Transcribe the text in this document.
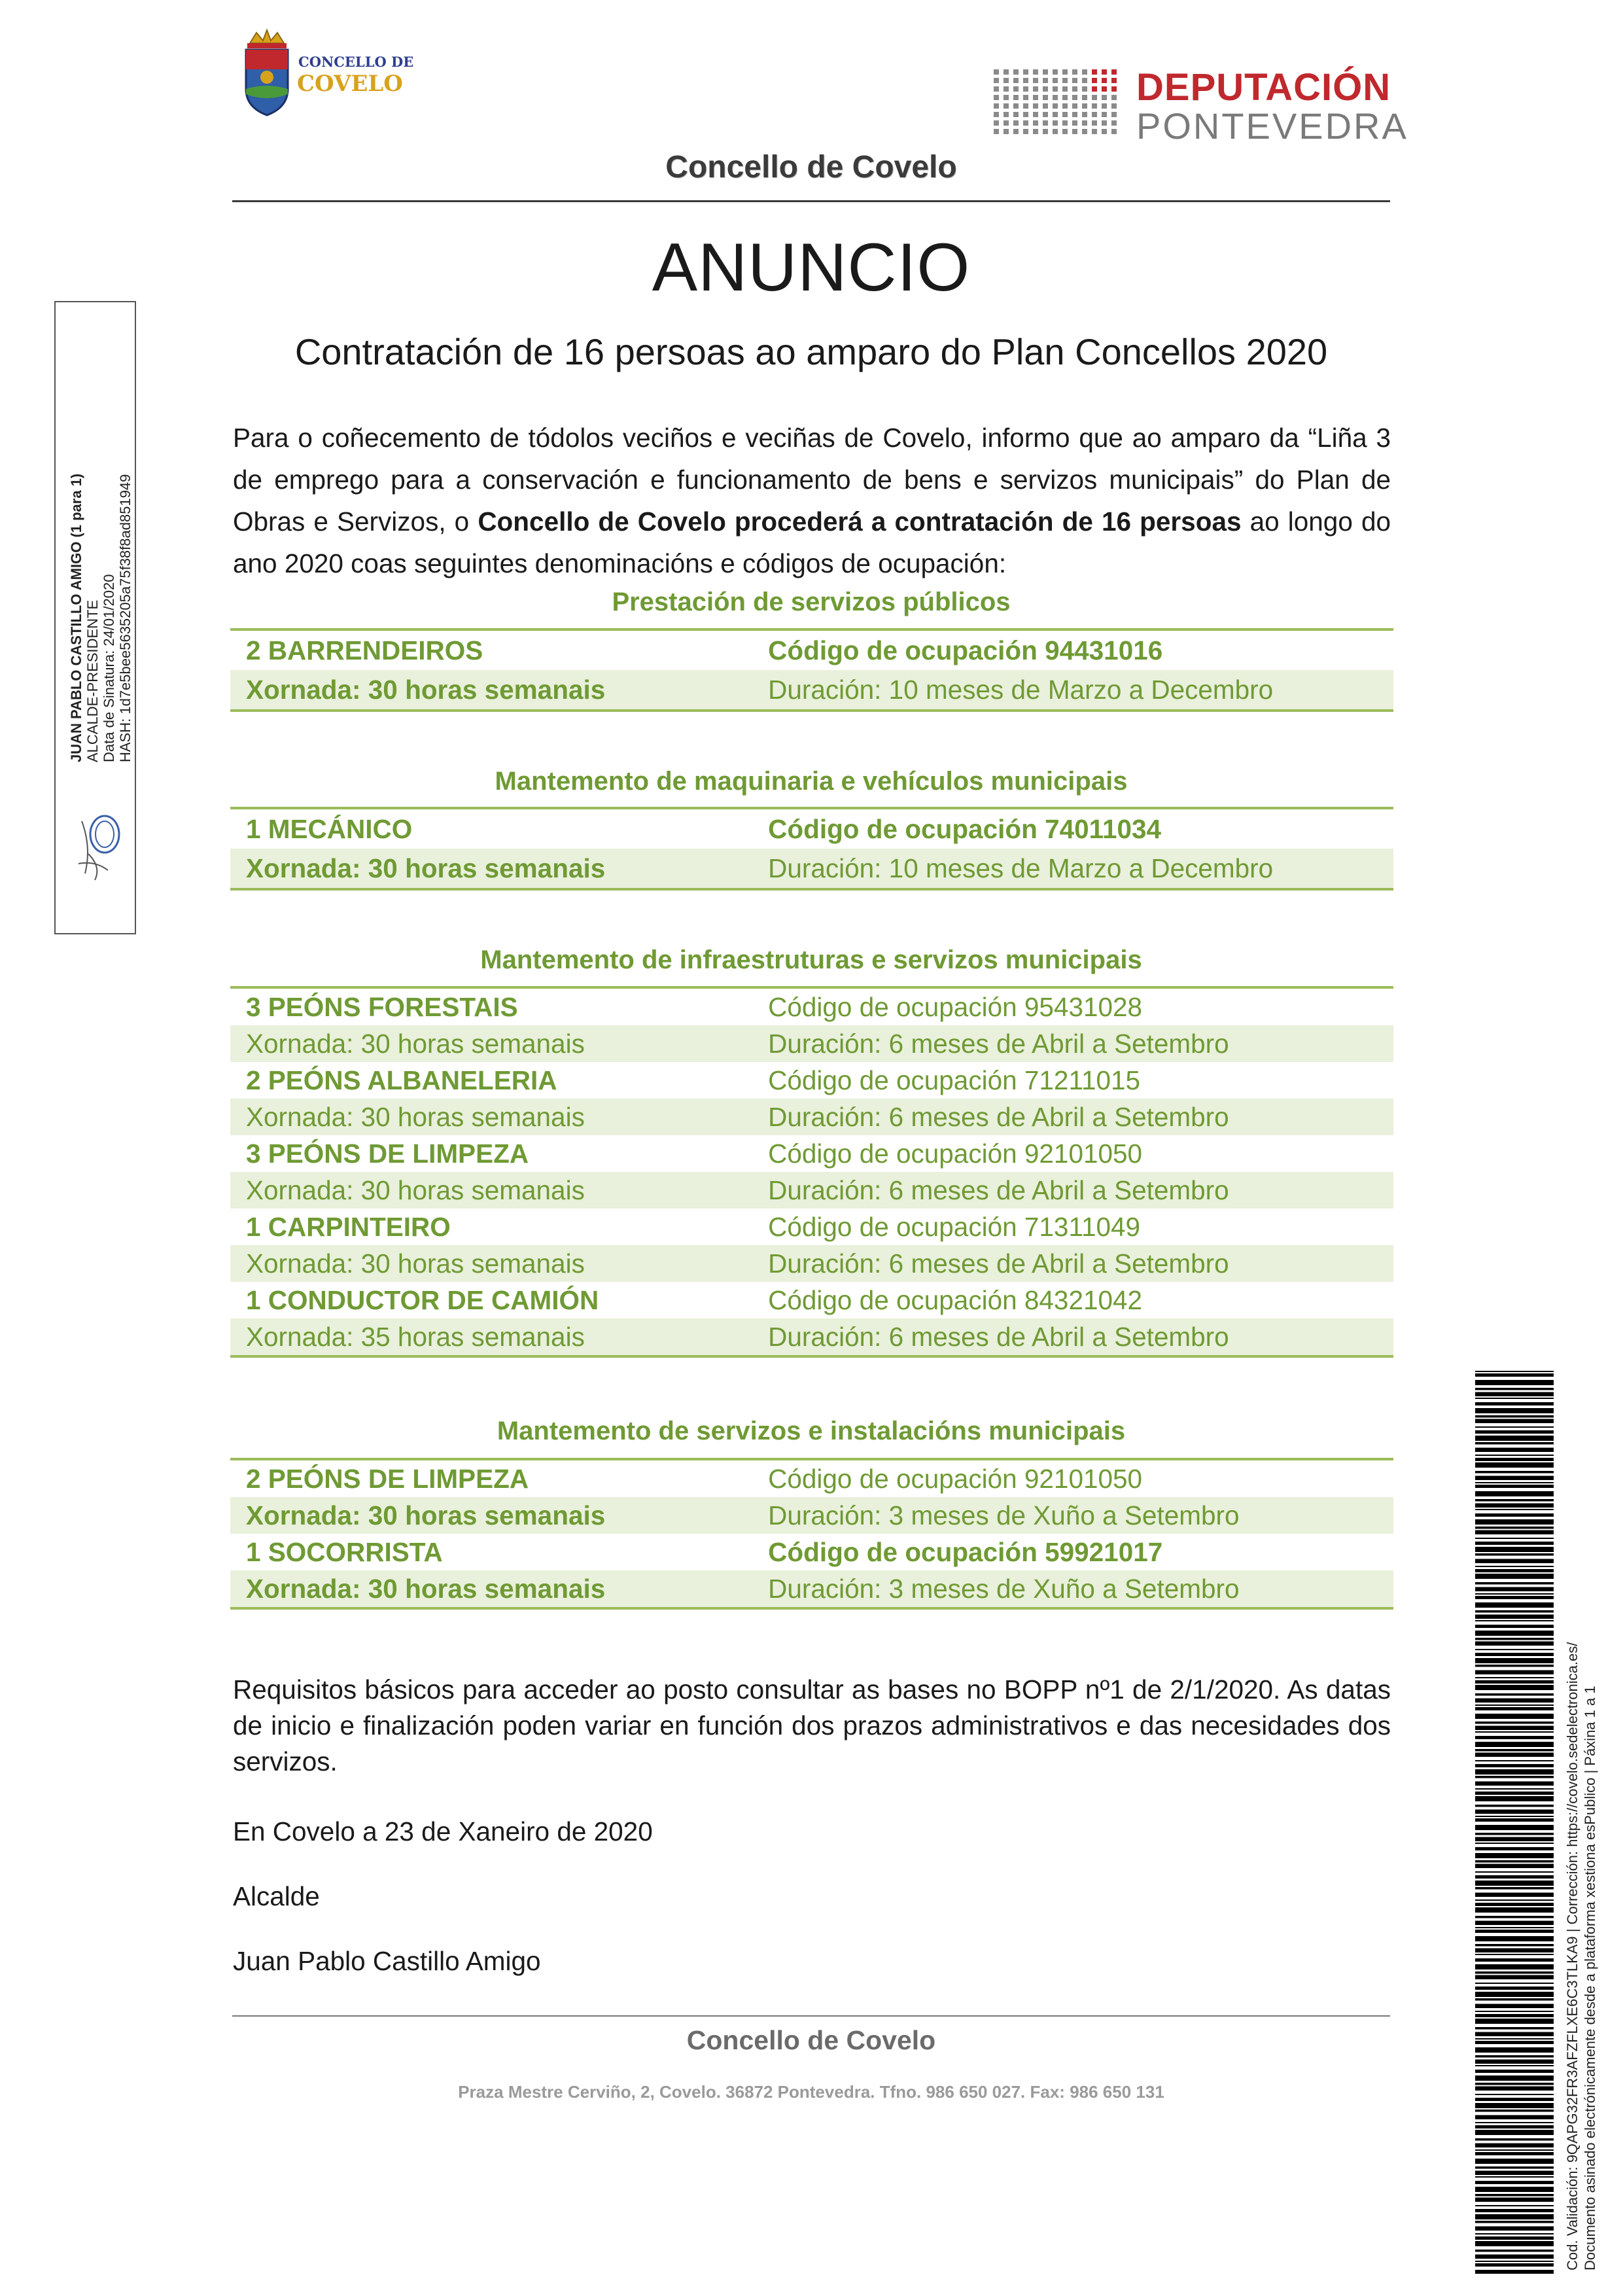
CONCELLO DE
COVELO	DEPUTACIÓN
PONTEVEDRA
Concello de Covelo
ANUNCIO
Contratación de 16 persoas ao amparo do Plan Concellos 2020
Para o coñecemento de tódolos veciños e veciñas de Covelo, informo que ao amparo da “Liña 3 de emprego para a conservación e funcionamento de bens e servizos municipais” do Plan de Obras e Servizos, o Concello de Covelo procederá a contratación de 16 persoas ao longo do ano 2020 coas seguintes denominacións e códigos de ocupación:
Prestación de servizos públicos
2 BARRENDEIROS	Código de ocupación 94431016
Xornada: 30 horas semanais	Duración: 10 meses de Marzo a Decembro
Mantemento de maquinaria e vehículos municipais
1 MECÁNICO	Código de ocupación 74011034
Xornada: 30 horas semanais	Duración: 10 meses de Marzo a Decembro
Mantemento de infraestruturas e servizos municipais
3 PEÓNS FORESTAIS	Código de ocupación 95431028
Xornada: 30 horas semanais	Duración: 6 meses de Abril a Setembro
2 PEÓNS ALBANELERIA	Código de ocupación 71211015
Xornada: 30 horas semanais	Duración: 6 meses de Abril a Setembro
3 PEÓNS DE LIMPEZA	Código de ocupación 92101050
Xornada: 30 horas semanais	Duración: 6 meses de Abril a Setembro
1 CARPINTEIRO	Código de ocupación 71311049
Xornada: 30 horas semanais	Duración: 6 meses de Abril a Setembro
1 CONDUCTOR DE CAMIÓN	Código de ocupación 84321042
Xornada: 35 horas semanais	Duración: 6 meses de Abril a Setembro
Mantemento de servizos e instalacións municipais
2 PEÓNS DE LIMPEZA	Código de ocupación 92101050
Xornada: 30 horas semanais	Duración: 3 meses de Xuño a Setembro
1 SOCORRISTA	Código de ocupación 59921017
Xornada: 30 horas semanais	Duración: 3 meses de Xuño a Setembro
Requisitos básicos para acceder ao posto consultar as bases no BOPP nº1 de 2/1/2020. As datas de inicio e finalización poden variar en función dos prazos administrativos e das necesidades dos servizos.
En Covelo a 23 de Xaneiro de 2020
Alcalde
Juan Pablo Castillo Amigo
Concello de Covelo
Praza Mestre Cerviño, 2, Covelo. 36872 Pontevedra. Tfno. 986 650 027. Fax: 986 650 131
JUAN PABLO CASTILLO AMIGO (1 para 1) ALCALDE-PRESIDENTE Data de Sinatura: 24/01/2020 HASH: 1d7e5bee5635205a75f38f8ad851949
Cod. Validación: 9QAPG32FR3AFZFLXE6C3TLKA9 | Corrección: https://covelo.sedelectronica.es/ Documento asinado electrónicamente desde a plataforma xestiona esPublico | Páxina 1 a 1
